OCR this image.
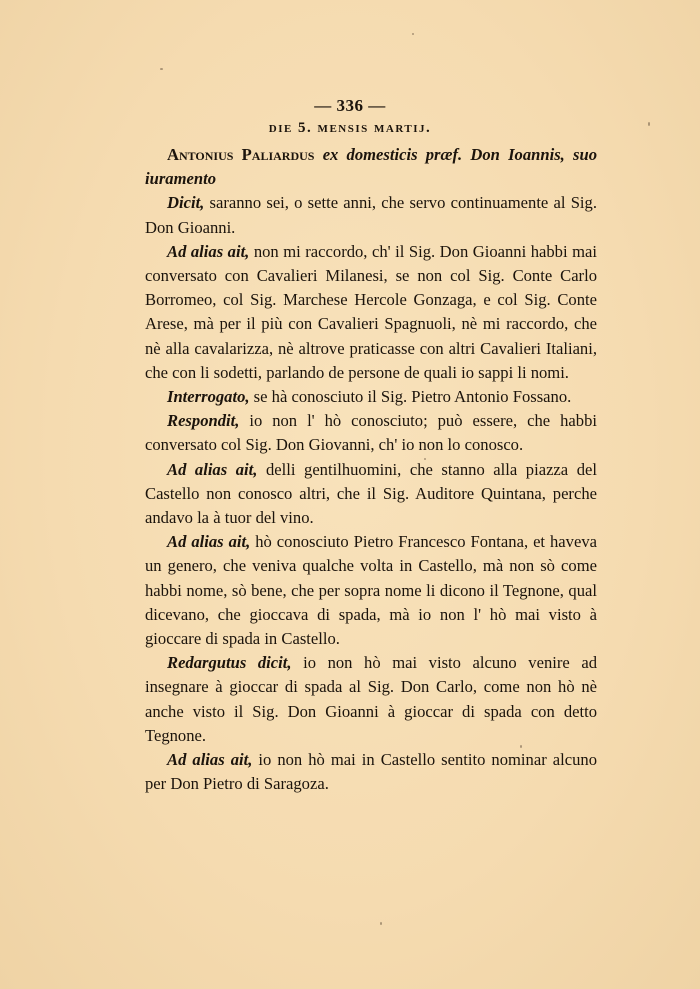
— 336 —
die 5. mensis martij.

Antonius Paliardus ex domesticis præf. Don Ioannis, suo iuramento

Dicit, saranno sei, o sette anni, che servo continuamente al Sig. Don Gioanni.

Ad alias ait, non mi raccordo, ch' il Sig. Don Gioanni habbi mai conversato con Cavalieri Milanesi, se non col Sig. Conte Carlo Borromeo, col Sig. Marchese Hercole Gonzaga, e col Sig. Conte Arese, mà per il più con Cavalieri Spagnuoli, nè mi raccordo, che nè alla cavalarizza, nè altrove praticasse con altri Cavalieri Italiani, che con li sodetti, parlando de persone de quali io sappi li nomi.

Interrogato, se hà conosciuto il Sig. Pietro Antonio Fossano.

Respondit, io non l' hò conosciuto; può essere, che habbi conversato col Sig. Don Giovanni, ch' io non lo conosco.

Ad alias ait, delli gentilhuomini, che stanno alla piazza del Castello non conosco altri, che il Sig. Auditore Quintana, perche andavo la à tuor del vino.

Ad alias ait, hò conosciuto Pietro Francesco Fontana, et haveva un genero, che veniva qualche volta in Castello, mà non sò come habbi nome, sò bene, che per sopra nome li dicono il Tegnone, qual dicevano, che gioccava di spada, mà io non l' hò mai visto à gioccare di spada in Castello.

Redargutus dicit, io non hò mai visto alcuno venire ad insegnare à gioccar di spada al Sig. Don Carlo, come non hò nè anche visto il Sig. Don Gioanni à gioccar di spada con detto Tegnone.

Ad alias ait, io non hò mai in Castello sentito nominar alcuno per Don Pietro di Saragoza.
